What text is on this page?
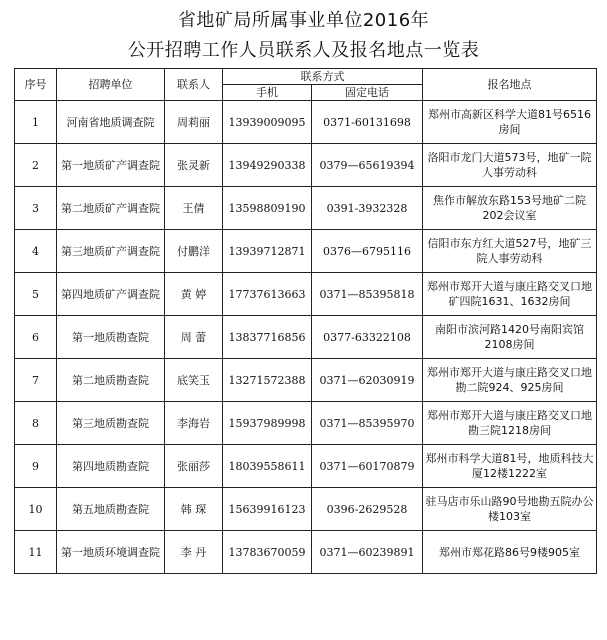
省地矿局所属事业单位2016年
公开招聘工作人员联系人及报名地点一览表
序号	招聘单位	联系人	联系方式		报名地点
			手机	固定电话	
1	河南省地质调查院	周莉丽	13939009095	0371-60131698	郑州市高新区科学大道81号6516房间
2	第一地质矿产调查院	张灵新	13949290338	0379—65619394	洛阳市龙门大道573号，地矿一院人事劳动科
3	第二地质矿产调查院	王倩	13598809190	0391-3932328	焦作市解放东路153号地矿二院202会议室
4	第三地质矿产调查院	付鹏洋	13939712871	0376—6795116	信阳市东方红大道527号，地矿三院人事劳动科
5	第四地质矿产调查院	黄 婷	17737613663	0371—85395818	郑州市郑开大道与康庄路交叉口地矿四院1631、1632房间
6	第一地质勘查院	周 蕾	13837716856	0377-63322108	南阳市滨河路1420号南阳宾馆2108房间
7	第二地质勘查院	底笑玉	13271572388	0371—62030919	郑州市郑开大道与康庄路交叉口地勘二院924、925房间
8	第三地质勘查院	李海岩	15937989998	0371—85395970	郑州市郑开大道与康庄路交叉口地勘三院1218房间
9	第四地质勘查院	张丽莎	18039558611	0371—60170879	郑州市科学大道81号，地质科技大厦12楼1222室
10	第五地质勘查院	韩 琛	15639916123	0396-2629528	驻马店市乐山路90号地勘五院办公楼103室
11	第一地质环境调查院	李 丹	13783670059	0371—60239891	郑州市郑花路86号9楼905室
